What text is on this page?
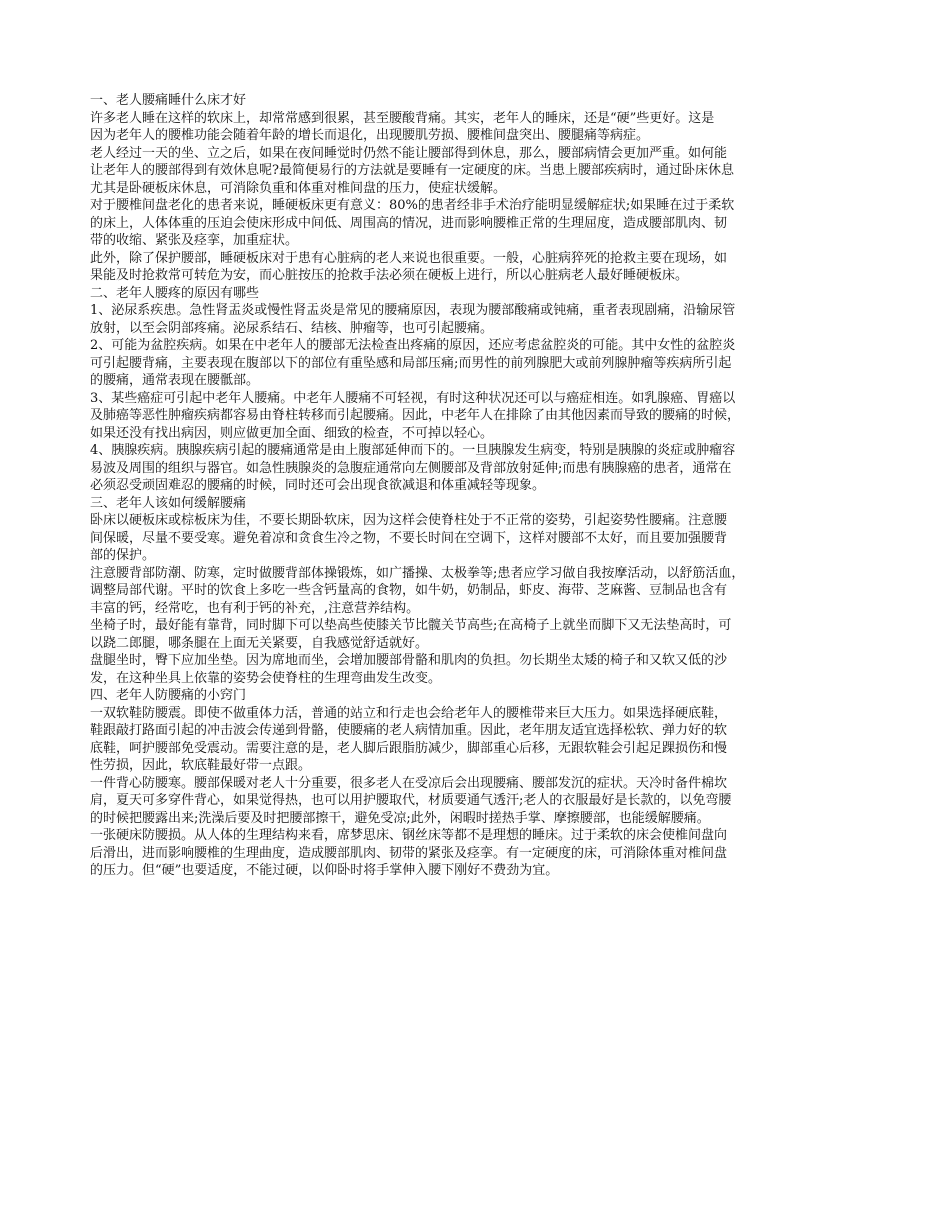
一、老人腰痛睡什么床才好
许多老人睡在这样的软床上，却常常感到很累，甚至腰酸背痛。其实，老年人的睡床，还是“硬”些更好。这是
因为老年人的腰椎功能会随着年龄的增长而退化，出现腰肌劳损、腰椎间盘突出、腰腿痛等病症。
老人经过一天的坐、立之后，如果在夜间睡觉时仍然不能让腰部得到休息，那么，腰部病情会更加严重。如何能
让老年人的腰部得到有效休息呢?最简便易行的方法就是要睡有一定硬度的床。当患上腰部疾病时，通过卧床休息
尤其是卧硬板床休息，可消除负重和体重对椎间盘的压力，使症状缓解。
对于腰椎间盘老化的患者来说，睡硬板床更有意义：80%的患者经非手术治疗能明显缓解症状;如果睡在过于柔软
的床上，人体体重的压迫会使床形成中间低、周围高的情况，进而影响腰椎正常的生理屈度，造成腰部肌肉、韧
带的收缩、紧张及痉挛，加重症状。
此外，除了保护腰部，睡硬板床对于患有心脏病的老人来说也很重要。一般，心脏病猝死的抢救主要在现场，如
果能及时抢救常可转危为安，而心脏按压的抢救手法必须在硬板上进行，所以心脏病老人最好睡硬板床。
二、老年人腰疼的原因有哪些
1、泌尿系疾患。急性肾盂炎或慢性肾盂炎是常见的腰痛原因，表现为腰部酸痛或钝痛，重者表现剧痛，沿输尿管
放射，以至会阴部疼痛。泌尿系结石、结核、肿瘤等，也可引起腰痛。
2、可能为盆腔疾病。如果在中老年人的腰部无法检查出疼痛的原因，还应考虑盆腔炎的可能。其中女性的盆腔炎
可引起腰背痛，主要表现在腹部以下的部位有重坠感和局部压痛;而男性的前列腺肥大或前列腺肿瘤等疾病所引起
的腰痛，通常表现在腰骶部。
3、某些癌症可引起中老年人腰痛。中老年人腰痛不可轻视，有时这种状况还可以与癌症相连。如乳腺癌、胃癌以
及肺癌等恶性肿瘤疾病都容易由脊柱转移而引起腰痛。因此，中老年人在排除了由其他因素而导致的腰痛的时候，
如果还没有找出病因，则应做更加全面、细致的检查，不可掉以轻心。
4、胰腺疾病。胰腺疾病引起的腰痛通常是由上腹部延伸而下的。一旦胰腺发生病变，特别是胰腺的炎症或肿瘤容
易波及周围的组织与器官。如急性胰腺炎的急腹症通常向左侧腰部及背部放射延伸;而患有胰腺癌的患者，通常在
必须忍受顽固难忍的腰痛的时候，同时还可会出现食欲减退和体重减轻等现象。
三、老年人该如何缓解腰痛
卧床以硬板床或棕板床为佳，不要长期卧软床，因为这样会使脊柱处于不正常的姿势，引起姿势性腰痛。注意腰
间保暖，尽量不要受寒。避免着凉和贪食生冷之物，不要长时间在空调下，这样对腰部不太好，而且要加强腰背
部的保护。
注意腰背部防潮、防寒，定时做腰背部体操锻炼，如广播操、太极拳等;患者应学习做自我按摩活动，以舒筋活血，
调整局部代谢。平时的饮食上多吃一些含钙量高的食物，如牛奶，奶制品，虾皮、海带、芝麻酱、豆制品也含有
丰富的钙，经常吃，也有利于钙的补充，,注意营养结构。
坐椅子时，最好能有靠背，同时脚下可以垫高些使膝关节比髋关节高些;在高椅子上就坐而脚下又无法垫高时，可
以跷二郎腿，哪条腿在上面无关紧要，自我感觉舒适就好。
盘腿坐时，臀下应加坐垫。因为席地而坐，会增加腰部骨骼和肌肉的负担。勿长期坐太矮的椅子和又软又低的沙
发，在这种坐具上依靠的姿势会使脊柱的生理弯曲发生改变。
四、老年人防腰痛的小窍门
一双软鞋防腰震。即使不做重体力活，普通的站立和行走也会给老年人的腰椎带来巨大压力。如果选择硬底鞋，
鞋跟敲打路面引起的冲击波会传递到骨骼，使腰痛的老人病情加重。因此，老年朋友适宜选择松软、弹力好的软
底鞋，呵护腰部免受震动。需要注意的是，老人脚后跟脂肪减少，脚部重心后移，无跟软鞋会引起足踝损伤和慢
性劳损，因此，软底鞋最好带一点跟。
一件背心防腰寒。腰部保暖对老人十分重要，很多老人在受凉后会出现腰痛、腰部发沉的症状。天冷时备件棉坎
肩，夏天可多穿件背心，如果觉得热，也可以用护腰取代，材质要通气透汗;老人的衣服最好是长款的，以免弯腰
的时候把腰露出来;洗澡后要及时把腰部擦干，避免受凉;此外，闲暇时搓热手掌、摩擦腰部，也能缓解腰痛。
一张硬床防腰损。从人体的生理结构来看，席梦思床、钢丝床等都不是理想的睡床。过于柔软的床会使椎间盘向
后滑出，进而影响腰椎的生理曲度，造成腰部肌肉、韧带的紧张及痉挛。有一定硬度的床，可消除体重对椎间盘
的压力。但“硬”也要适度，不能过硬，以仰卧时将手掌伸入腰下刚好不费劲为宜。
